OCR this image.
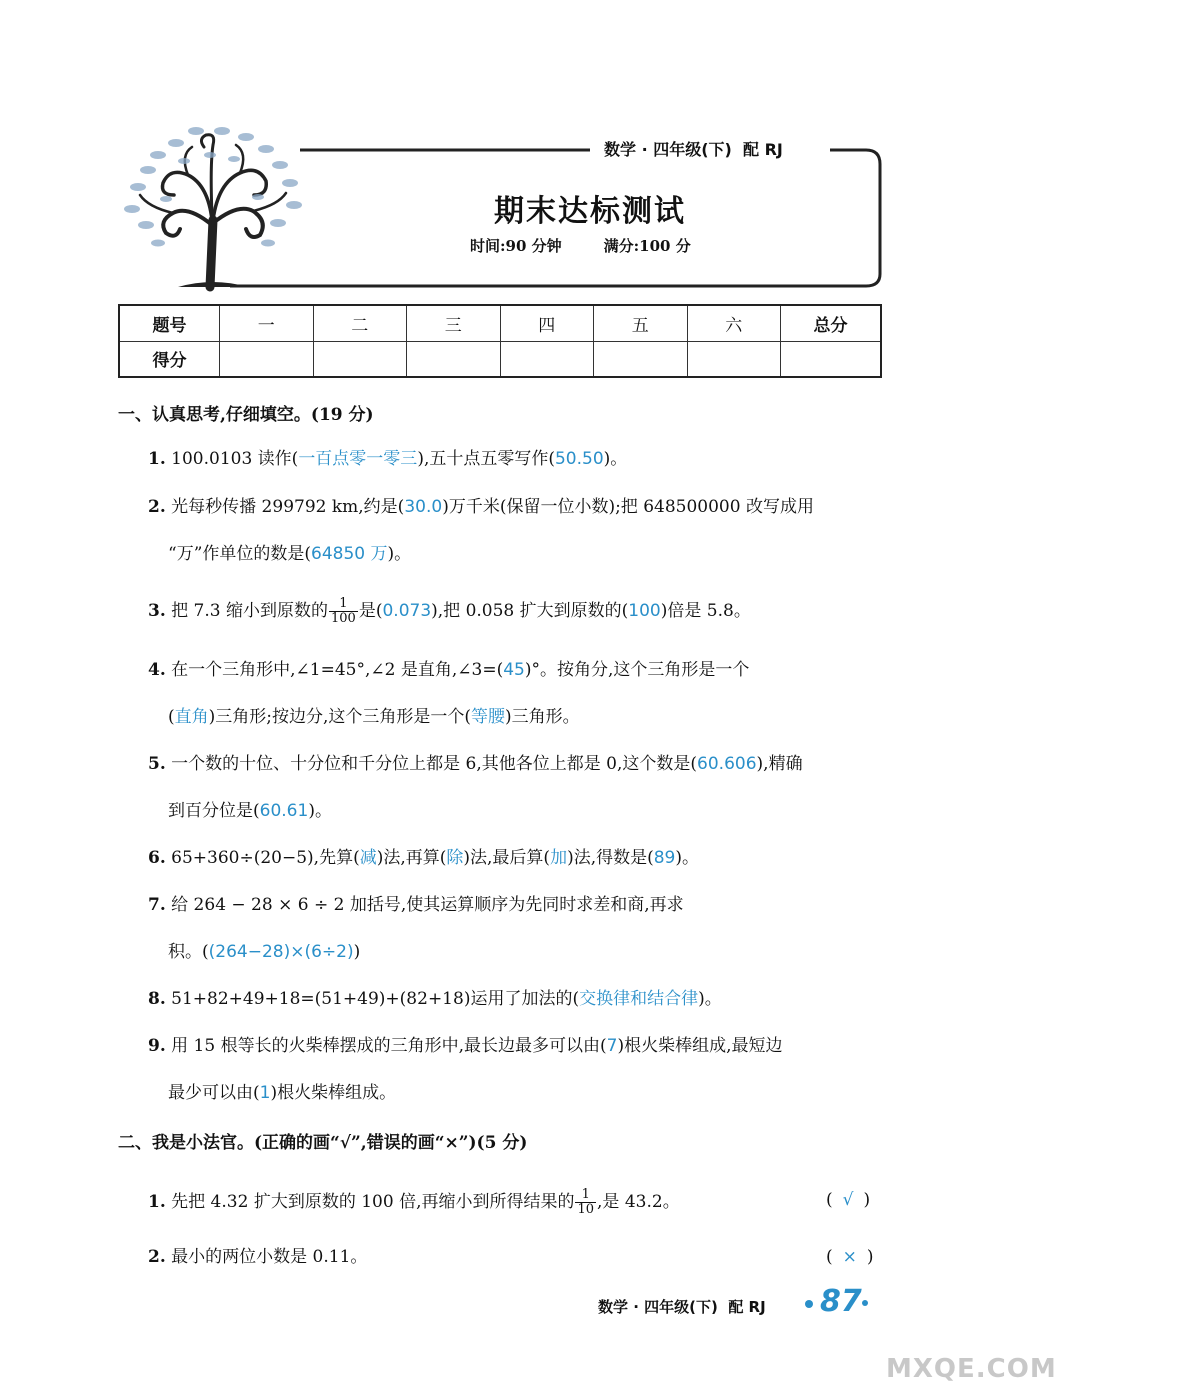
数学 · 四年级(下) 配 RJ
期末达标测试
时间:90 分钟	满分:100 分
题号	一	二	三	四	五	六	总分
得分							
一、认真思考,仔细填空。(19 分)
1. 100.0103 读作(一百点零一零三),五十点五零写作(50.50)。
2. 光每秒传播 299792 km,约是(30.0)万千米(保留一位小数);把 648500000 改写成用
“万”作单位的数是(64850 万)。
3. 把 7.3 缩小到原数的 $\frac{1}{100}$ 是(0.073),把 0.058 扩大到原数的(100)倍是 5.8。
4. 在一个三角形中,∠1=45°,∠2 是直角,∠3=(45)°。按角分,这个三角形是一个
(直角)三角形;按边分,这个三角形是一个(等腰)三角形。
5. 一个数的十位、十分位和千分位上都是 6,其他各位上都是 0,这个数是(60.606),精确
到百分位是(60.61)。
6. 65+360÷(20−5),先算(减)法,再算(除)法,最后算(加)法,得数是(89)。
7. 给 264 − 28 × 6 ÷ 2 加括号,使其运算顺序为先同时求差和商,再求
积。((264−28)×(6÷2))
8. 51+82+49+18=(51+49)+(82+18)运用了加法的(交换律和结合律)。
9. 用 15 根等长的火柴棒摆成的三角形中,最长边最多可以由(7)根火柴棒组成,最短边
最少可以由(1)根火柴棒组成。
二、我是小法官。(正确的画“√”,错误的画“×”)(5 分)
1. 先把 4.32 扩大到原数的 100 倍,再缩小到所得结果的 $\frac{1}{10}$ ,是 43.2。	( √ )
2. 最小的两位小数是 0.11。	( × )
数学 · 四年级(下) 配 RJ 87
MXQE.COM
